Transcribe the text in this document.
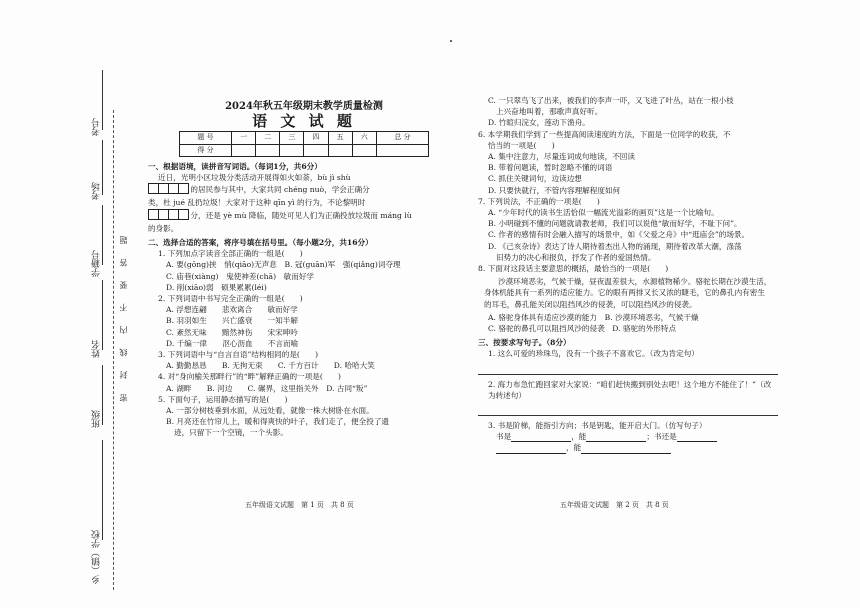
考号
考场
学籍号
姓名
班级
乡（镇）学校
密 封 线 内 不 要 答 题
2024年秋五年级期末教学质量检测
语 文 试 题
题 号	一	二	三	四	五	六	总 分
得 分							
一、根据语境，读拼音写词语。（每词1分，共6分）
近日，光明小区垃圾分类活动开展得如火如荼，bù jì shù
的居民参与其中，大家共同 chéng nuò，学会正确分
类，杜 jué 乱扔垃圾！大家对于这种 qīn yì 的行为，不论黎明时
分，还是 yè mù 降临，随处可见人们为正确投放垃圾而 máng lù
的身影。
二、选择合适的答案，将序号填在括号里。（每小题2分，共16分）
1. 下列加点字读音全部正确的一组是(　　)
A. 要(gōng)挟　悄(qiāo)无声息　 B. 冠(guān)军　强(qiǎng)词夺理
C. 庙巷(xiàng)　鬼使神差(chā)　 敏而好学
D. 削(xiāo)弱　硕果累累(léi)
2. 下列词语中书写完全正确的一组是(　　)
A. 浮想连翩　　 悲欢离合　　 敏而好学
B. 羽羽如生　　 兴亡盛衰　　 一知半解
C. 紊然无味　　 黯然神伤　　 宋宋呻吟
D. 千编一律　　 沤心沥血　　 不言而喻
3. 下列词语中与“自言自语”结构相同的是(　　)
A. 勤勤恳恳　　 B. 无拘无束　　 C. 千方百计　　 D. 哈哈大笑
4. 对“身向榆关那畔行”的“畔”解释正确的一项是(　　)
A. 湖畔　　 B. 河边　　 C. 碾界，这里指关外　 D. 古同“叛”
5. 下面句子，运用静态描写的是(　　)
A. 一部分树枝垂到水面，从远处看，就像一株大树卧在水面。
B. 月亮还在竹帘儿上，暖和得爽快的叶子，我们走了，便全投了遗
迹，只留下一个空镜，一个头影。
五年级语文试题　第 1 页　共 8 页
C. 一只翠鸟飞了出来，被我们的李声一吓，又飞进了叶丛，站在一根小枝
上兴奋地叫着，那歌声真好听。
D. 竹暄归浣女，莲动下渔舟。
6. 本学期我们学到了一些提高阅读速度的方法，下面是一位同学的收获，不
恰当的一项是(　　)
A. 集中注意力，尽量连词成句地读，不回读
B. 带着问题读，暂时忽略不懂的词语
C. 抓住关键词句，边读边想
D. 只要快就行，不管内容理解程度如何
7. 下列说法，不正确的一项是(　　)
A. “少年时代的读书生活恰似一幅流光溢彩的画页”这是一个比喻句。
B. 小明碰到不懂的问题就请教老师，我们可以说他“敏而好学，不耻下问”。
C. 作者的感情有时会融入描写的场景中，如《父爱之舟》中“逛庙会”的场景。
D. 《己亥杂诗》表达了诗人期待着杰出人物的涌现，期待着改革大潮，涤荡
旧势力的决心和报负，抒发了作者的爱国热情。
8. 下面对这段话主要意思的概括，最恰当的一项是(　　)
沙漠环境恶劣，气候干燥，昼夜温差很大，水源植物稀少。骆驼长期在沙漠生活，身体机能具有一系列的适应能力。它的眼有两排又长又浓的睫毛，它的鼻孔内有密生的耳毛，鼻孔能关闭以阻挡风沙的侵袭，可以阻挡风沙的侵袭。
A. 骆驼身体具有适应沙漠的能力　 B. 沙漠环境恶劣，气候干燥
C. 骆驼的鼻孔可以阻挡风沙的侵袭　 D. 骆驼的外形特点
三、按要求写句子。（8分）
1. 这么可爱的珍珠鸟，没有一个孩子不喜欢它。（改为肯定句）
2. 海力布急忙跑回家对大家说：“咱们赶快搬到别处去吧！这个地方不能住了！”（改为转述句）
3. 书是阶梯，能指引方向；书是钥匙，能开启大门。（仿写句子）
书是	，能	；书还是
，能
五年级语文试题　第 2 页　共 8 页
